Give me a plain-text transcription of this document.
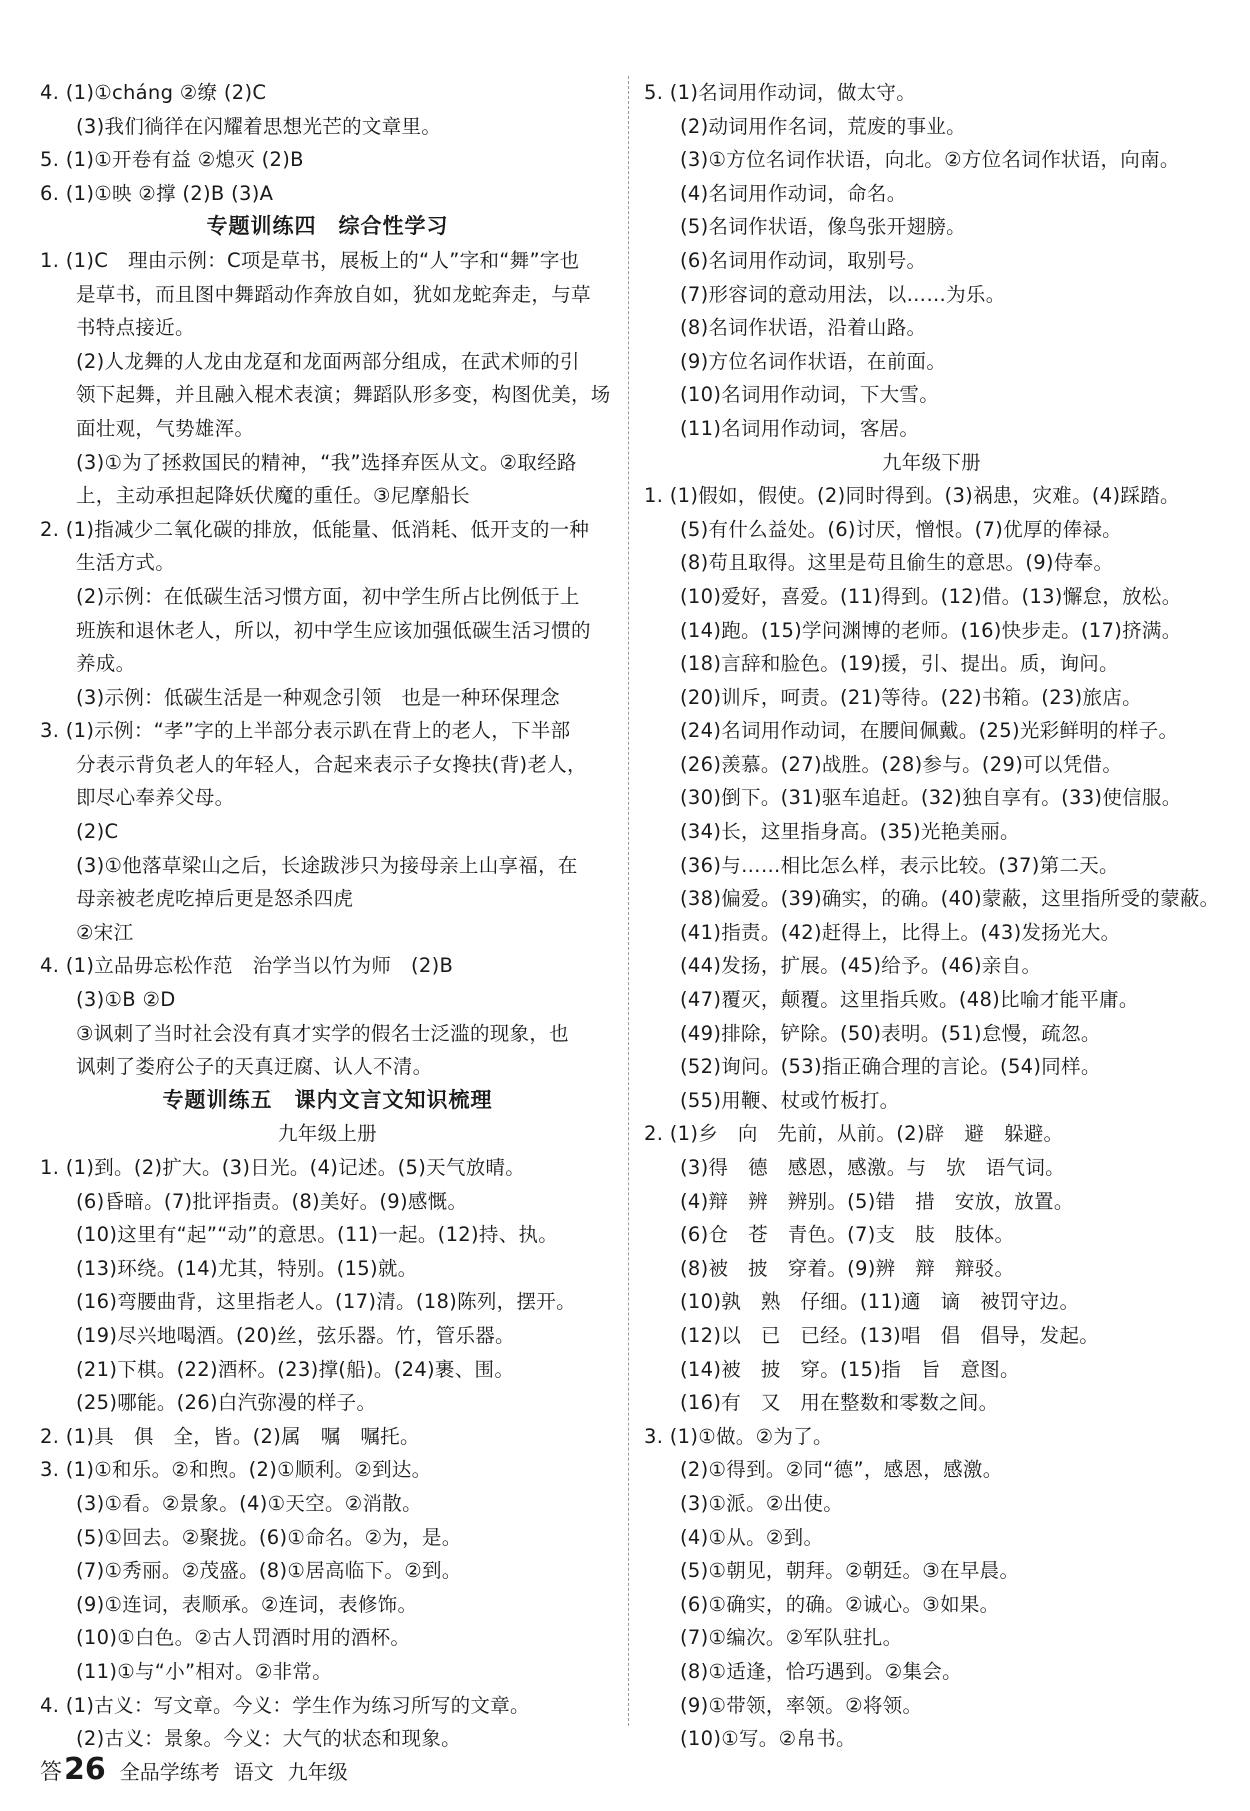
4. (1)①cháng ②缭 (2)C
(3)我们徜徉在闪耀着思想光芒的文章里。
5. (1)①开卷有益 ②熄灭 (2)B
6. (1)①映 ②撑 (2)B (3)A
专题训练四　综合性学习
1. (1)C　理由示例：C项是草书，展板上的“人”字和“舞”字也
是草书，而且图中舞蹈动作奔放自如，犹如龙蛇奔走，与草
书特点接近。
(2)人龙舞的人龙由龙趸和龙面两部分组成，在武术师的引
领下起舞，并且融入棍术表演；舞蹈队形多变，构图优美，场
面壮观，气势雄浑。
(3)①为了拯救国民的精神，“我”选择弃医从文。②取经路
上，主动承担起降妖伏魔的重任。③尼摩船长
2. (1)指减少二氧化碳的排放，低能量、低消耗、低开支的一种
生活方式。
(2)示例：在低碳生活习惯方面，初中学生所占比例低于上
班族和退休老人，所以，初中学生应该加强低碳生活习惯的
养成。
(3)示例：低碳生活是一种观念引领　也是一种环保理念
3. (1)示例：“孝”字的上半部分表示趴在背上的老人，下半部
分表示背负老人的年轻人，合起来表示子女搀扶(背)老人，
即尽心奉养父母。
(2)C
(3)①他落草梁山之后，长途跋涉只为接母亲上山享福，在
母亲被老虎吃掉后更是怒杀四虎
②宋江
4. (1)立品毋忘松作范　治学当以竹为师　(2)B
(3)①B ②D
③讽刺了当时社会没有真才实学的假名士泛滥的现象，也
讽刺了娄府公子的天真迂腐、认人不清。
专题训练五　课内文言文知识梳理
九年级上册
1. (1)到。(2)扩大。(3)日光。(4)记述。(5)天气放晴。
(6)昏暗。(7)批评指责。(8)美好。(9)感慨。
(10)这里有“起”“动”的意思。(11)一起。(12)持、执。
(13)环绕。(14)尤其，特别。(15)就。
(16)弯腰曲背，这里指老人。(17)清。(18)陈列，摆开。
(19)尽兴地喝酒。(20)丝，弦乐器。竹，管乐器。
(21)下棋。(22)酒杯。(23)撑(船)。(24)裹、围。
(25)哪能。(26)白汽弥漫的样子。
2. (1)具　俱　全，皆。(2)属　嘱　嘱托。
3. (1)①和乐。②和煦。(2)①顺利。②到达。
(3)①看。②景象。(4)①天空。②消散。
(5)①回去。②聚拢。(6)①命名。②为，是。
(7)①秀丽。②茂盛。(8)①居高临下。②到。
(9)①连词，表顺承。②连词，表修饰。
(10)①白色。②古人罚酒时用的酒杯。
(11)①与“小”相对。②非常。
4. (1)古义：写文章。今义：学生作为练习所写的文章。
(2)古义：景象。今义：大气的状态和现象。
5. (1)名词用作动词，做太守。
(2)动词用作名词，荒废的事业。
(3)①方位名词作状语，向北。②方位名词作状语，向南。
(4)名词用作动词，命名。
(5)名词作状语，像鸟张开翅膀。
(6)名词用作动词，取别号。
(7)形容词的意动用法，以……为乐。
(8)名词作状语，沿着山路。
(9)方位名词作状语，在前面。
(10)名词用作动词，下大雪。
(11)名词用作动词，客居。
九年级下册
1. (1)假如，假使。(2)同时得到。(3)祸患，灾难。(4)踩踏。
(5)有什么益处。(6)讨厌，憎恨。(7)优厚的俸禄。
(8)苟且取得。这里是苟且偷生的意思。(9)侍奉。
(10)爱好，喜爱。(11)得到。(12)借。(13)懈怠，放松。
(14)跑。(15)学问渊博的老师。(16)快步走。(17)挤满。
(18)言辞和脸色。(19)援，引、提出。质，询问。
(20)训斥，呵责。(21)等待。(22)书箱。(23)旅店。
(24)名词用作动词，在腰间佩戴。(25)光彩鲜明的样子。
(26)羡慕。(27)战胜。(28)参与。(29)可以凭借。
(30)倒下。(31)驱车追赶。(32)独自享有。(33)使信服。
(34)长，这里指身高。(35)光艳美丽。
(36)与……相比怎么样，表示比较。(37)第二天。
(38)偏爱。(39)确实，的确。(40)蒙蔽，这里指所受的蒙蔽。
(41)指责。(42)赶得上，比得上。(43)发扬光大。
(44)发扬，扩展。(45)给予。(46)亲自。
(47)覆灭，颠覆。这里指兵败。(48)比喻才能平庸。
(49)排除，铲除。(50)表明。(51)怠慢，疏忽。
(52)询问。(53)指正确合理的言论。(54)同样。
(55)用鞭、杖或竹板打。
2. (1)乡　向　先前，从前。(2)辟　避　躲避。
(3)得　德　感恩，感激。与　欤　语气词。
(4)辩　辨　辨别。(5)错　措　安放，放置。
(6)仓　苍　青色。(7)支　肢　肢体。
(8)被　披　穿着。(9)辨　辩　辩驳。
(10)孰　熟　仔细。(11)適　谪　被罚守边。
(12)以　已　已经。(13)唱　倡　倡导，发起。
(14)被　披　穿。(15)指　旨　意图。
(16)有　又　用在整数和零数之间。
3. (1)①做。②为了。
(2)①得到。②同“德”，感恩，感激。
(3)①派。②出使。
(4)①从。②到。
(5)①朝见，朝拜。②朝廷。③在早晨。
(6)①确实，的确。②诚心。③如果。
(7)①编次。②军队驻扎。
(8)①适逢，恰巧遇到。②集会。
(9)①带领，率领。②将领。
(10)①写。②帛书。
答 26 全品学练考 语文 九年级
